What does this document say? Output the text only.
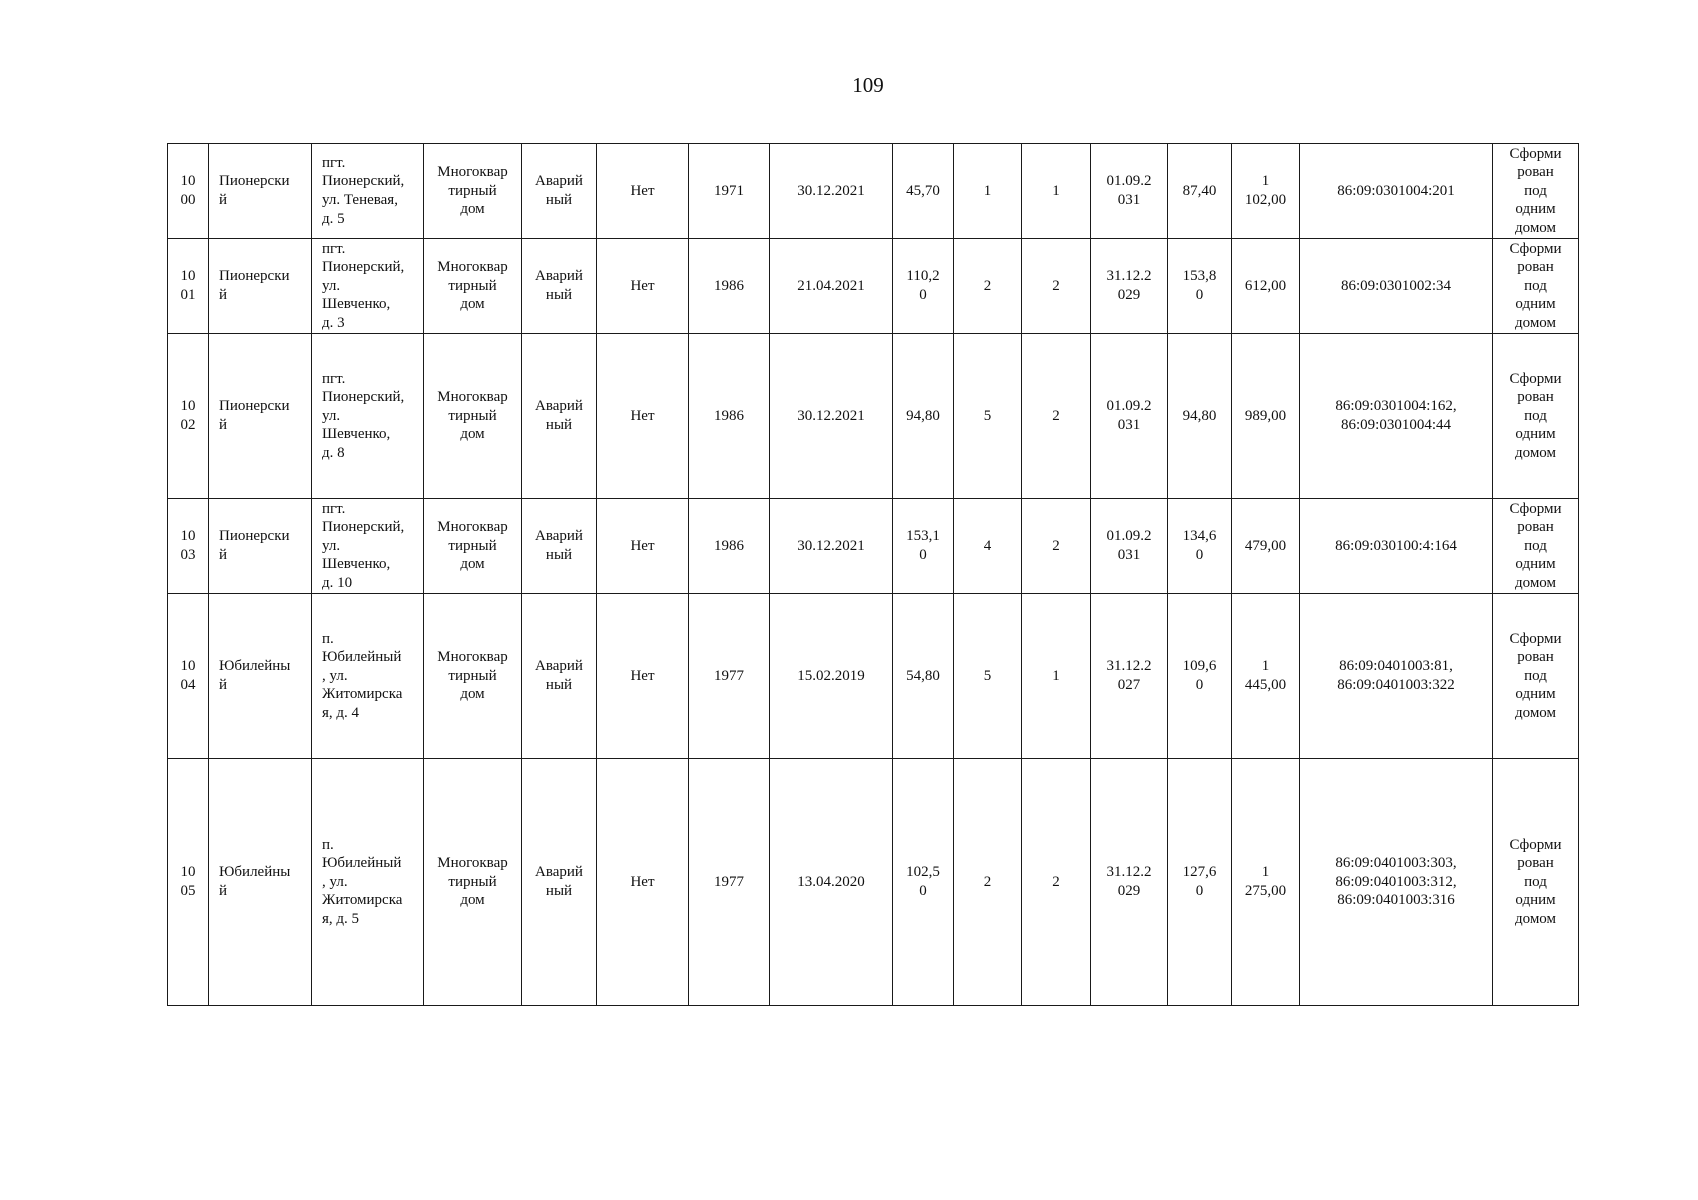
109
10
00	Пионерски
й	пгт.
Пионерский,
ул. Теневая,
д. 5	Многоквар
тирный
дом	Аварий
ный	Нет	1971	30.12.2021	45,70	1	1	01.09.2
031	87,40	1
102,00	86:09:0301004:201	Сформи
рован
под
одним
домом
10
01	Пионерски
й	пгт.
Пионерский,
ул.
Шевченко,
д. 3	Многоквар
тирный
дом	Аварий
ный	Нет	1986	21.04.2021	110,2
0	2	2	31.12.2
029	153,8
0	612,00	86:09:0301002:34	Сформи
рован
под
одним
домом
10
02	Пионерски
й	пгт.
Пионерский,
ул.
Шевченко,
д. 8	Многоквар
тирный
дом	Аварий
ный	Нет	1986	30.12.2021	94,80	5	2	01.09.2
031	94,80	989,00	86:09:0301004:162,
86:09:0301004:44	Сформи
рован
под
одним
домом
10
03	Пионерски
й	пгт.
Пионерский,
ул.
Шевченко,
д. 10	Многоквар
тирный
дом	Аварий
ный	Нет	1986	30.12.2021	153,1
0	4	2	01.09.2
031	134,6
0	479,00	86:09:030100:4:164	Сформи
рован
под
одним
домом
10
04	Юбилейны
й	п.
Юбилейный
, ул.
Житомирска
я, д. 4	Многоквар
тирный
дом	Аварий
ный	Нет	1977	15.02.2019	54,80	5	1	31.12.2
027	109,6
0	1
445,00	86:09:0401003:81,
86:09:0401003:322	Сформи
рован
под
одним
домом
10
05	Юбилейны
й	п.
Юбилейный
, ул.
Житомирска
я, д. 5	Многоквар
тирный
дом	Аварий
ный	Нет	1977	13.04.2020	102,5
0	2	2	31.12.2
029	127,6
0	1
275,00	86:09:0401003:303,
86:09:0401003:312,
86:09:0401003:316	Сформи
рован
под
одним
домом
